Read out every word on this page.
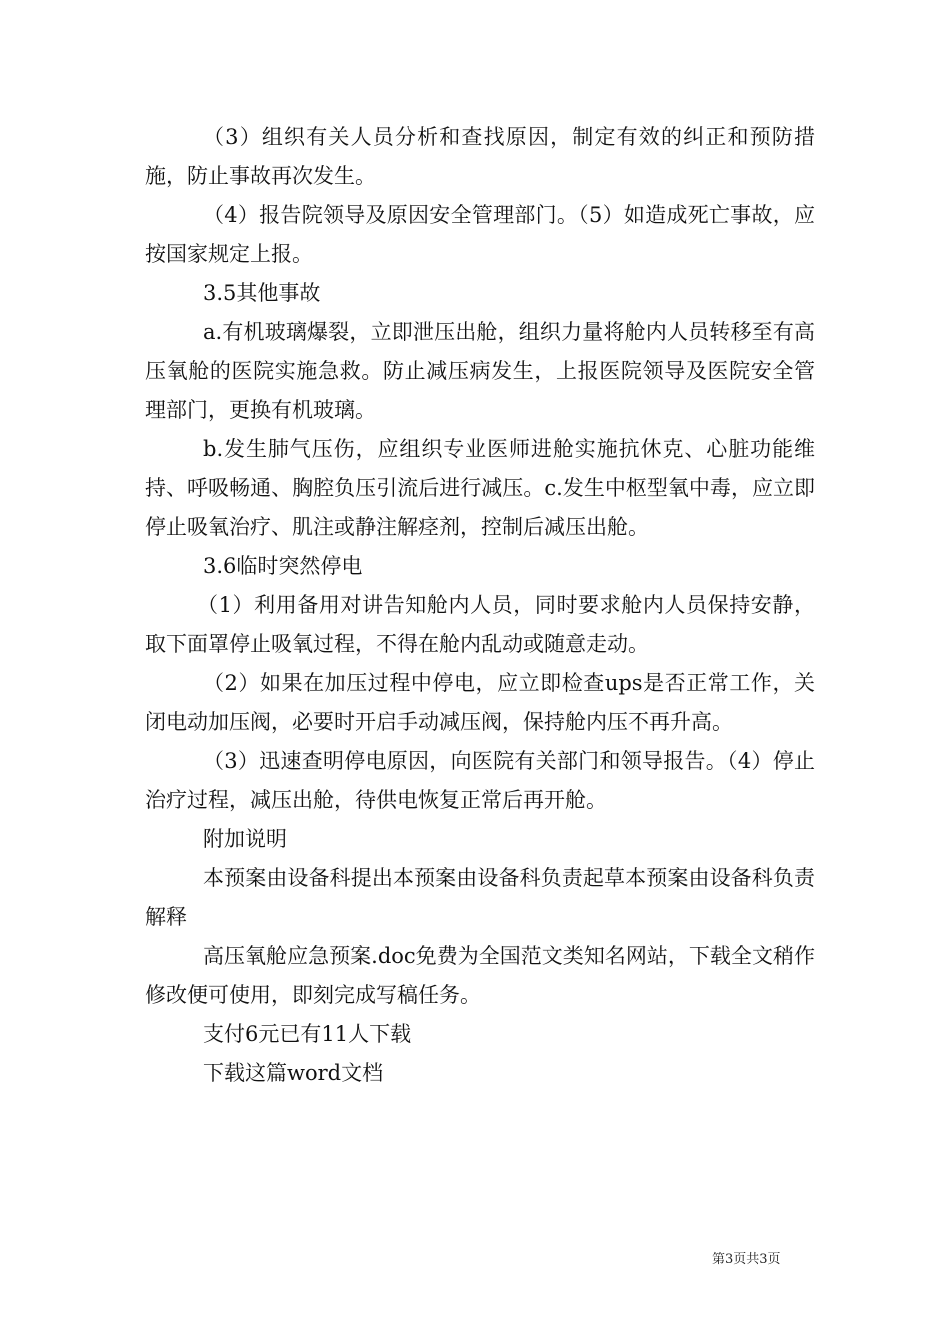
（3）组织有关人员分析和查找原因，制定有效的纠正和预防措施，防止事故再次发生。

（4）报告院领导及原因安全管理部门。（5）如造成死亡事故，应按国家规定上报。

3.5其他事故

a.有机玻璃爆裂，立即泄压出舱，组织力量将舱内人员转移至有高压氧舱的医院实施急救。防止减压病发生，上报医院领导及医院安全管理部门，更换有机玻璃。

b.发生肺气压伤，应组织专业医师进舱实施抗休克、心脏功能维持、呼吸畅通、胸腔负压引流后进行减压。c.发生中枢型氧中毒，应立即停止吸氧治疗、肌注或静注解痉剂，控制后减压出舱。

3.6临时突然停电

（1）利用备用对讲告知舱内人员，同时要求舱内人员保持安静，取下面罩停止吸氧过程，不得在舱内乱动或随意走动。

（2）如果在加压过程中停电，应立即检查ups是否正常工作，关闭电动加压阀，必要时开启手动减压阀，保持舱内压不再升高。

（3）迅速查明停电原因，向医院有关部门和领导报告。（4）停止治疗过程，减压出舱，待供电恢复正常后再开舱。

附加说明

本预案由设备科提出本预案由设备科负责起草本预案由设备科负责解释

高压氧舱应急预案.doc免费为全国范文类知名网站，下载全文稍作修改便可使用，即刻完成写稿任务。

支付6元已有11人下载

下载这篇word文档

第3页共3页
